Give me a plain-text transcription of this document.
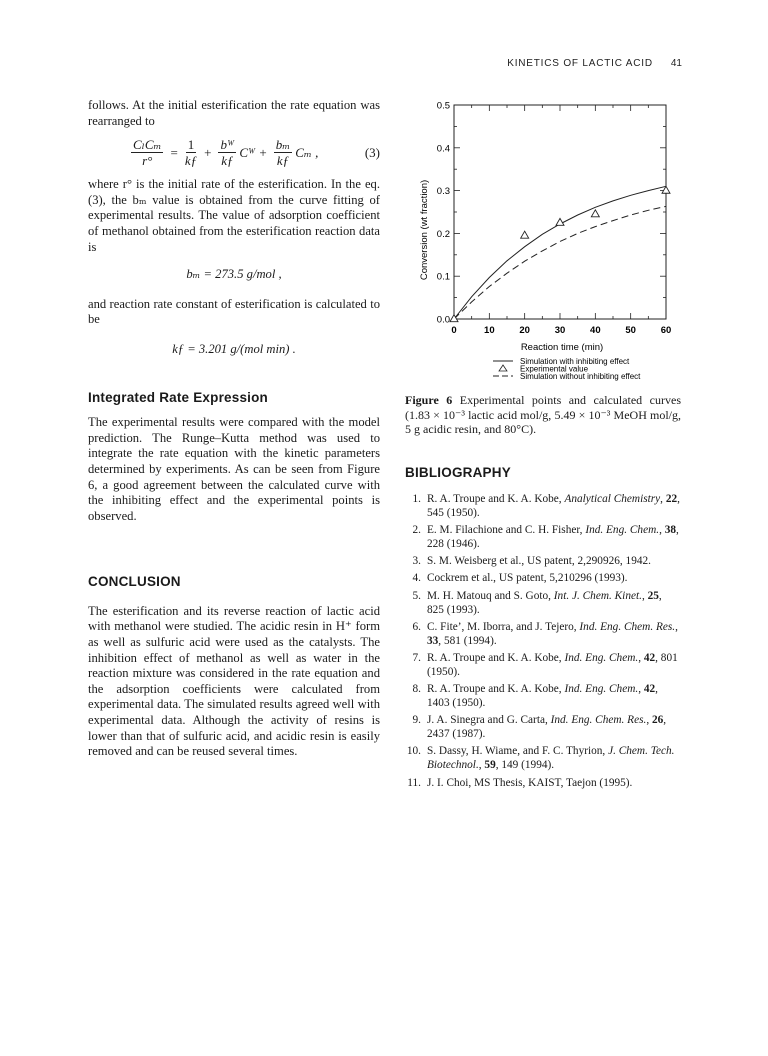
KINETICS OF LACTIC ACID 41

follows. At the initial esterification the rate equation was rearranged to

$\frac{\text{CₗCₘ}}{r^\circ} = \frac{1}{kƒ} + \frac{\text{bᵂ}}{kƒ}$ Cᵂ + $\frac{\text{bₘ}}{kƒ}$ Cₘ ,	(3)

where r° is the initial rate of the esterification. In the eq. (3), the bₘ value is obtained from the curve fitting of experimental results. The value of adsorption coefficient of methanol obtained from the esterification reaction data is

bₘ = 273.5 g/mol ,

and reaction rate constant of esterification is calculated to be

kƒ = 3.201 g/(mol min) .
Integrated Rate Expression

The experimental results were compared with the model prediction. The Runge–Kutta method was used to integrate the rate equation with the kinetic parameters determined by experiments. As can be seen from Figure 6, a good agreement between the calculated curve with the inhibiting effect and the experimental points is observed.

CONCLUSION

The esterification and its reverse reaction of lactic acid with methanol were studied. The acidic resin in H⁺ form as well as sulfuric acid were used as the catalysts. The inhibition effect of methanol as well as water in the reaction mixture was considered in the rate equation and the adsorption coefficients were calculated from experimental data. The simulated results agreed well with experimental data. Although the activity of resins is lower than that of sulfuric acid, and acidic resin is easily removed and can be reused several times.

0	10	20	30	40	50	60
0.0
0.1
0.2
0.3
0.4
0.5
Simulation with inhibiting effect
Experimental value
Simulation without inhibiting effect
Conversion (wt fraction)
Reaction time (min)
Figure 6 Experimental points and calculated curves (1.83 × 10⁻³ lactic acid mol/g, 5.49 × 10⁻³ MeOH mol/g, 5 g acidic resin, and 80°C).
BIBLIOGRAPHY
1. R. A. Troupe and K. A. Kobe, Analytical Chemistry, 22, 545 (1950).
2. E. M. Filachione and C. H. Fisher, Ind. Eng. Chem., 38, 228 (1946).
3. S. M. Weisberg et al., US patent, 2,290926, 1942.
4. Cockrem et al., US patent, 5,210296 (1993).
5. M. H. Matouq and S. Goto, Int. J. Chem. Kinet., 25, 825 (1993).
6. C. Fite’, M. Iborra, and J. Tejero, Ind. Eng. Chem. Res., 33, 581 (1994).
7. R. A. Troupe and K. A. Kobe, Ind. Eng. Chem., 42, 801 (1950).
8. R. A. Troupe and K. A. Kobe, Ind. Eng. Chem., 42, 1403 (1950).
9. J. A. Sinegra and G. Carta, Ind. Eng. Chem. Res., 26, 2437 (1987).
10. S. Dassy, H. Wiame, and F. C. Thyrion, J. Chem. Tech. Biotechnol., 59, 149 (1994).
11. J. I. Choi, MS Thesis, KAIST, Taejon (1995).
